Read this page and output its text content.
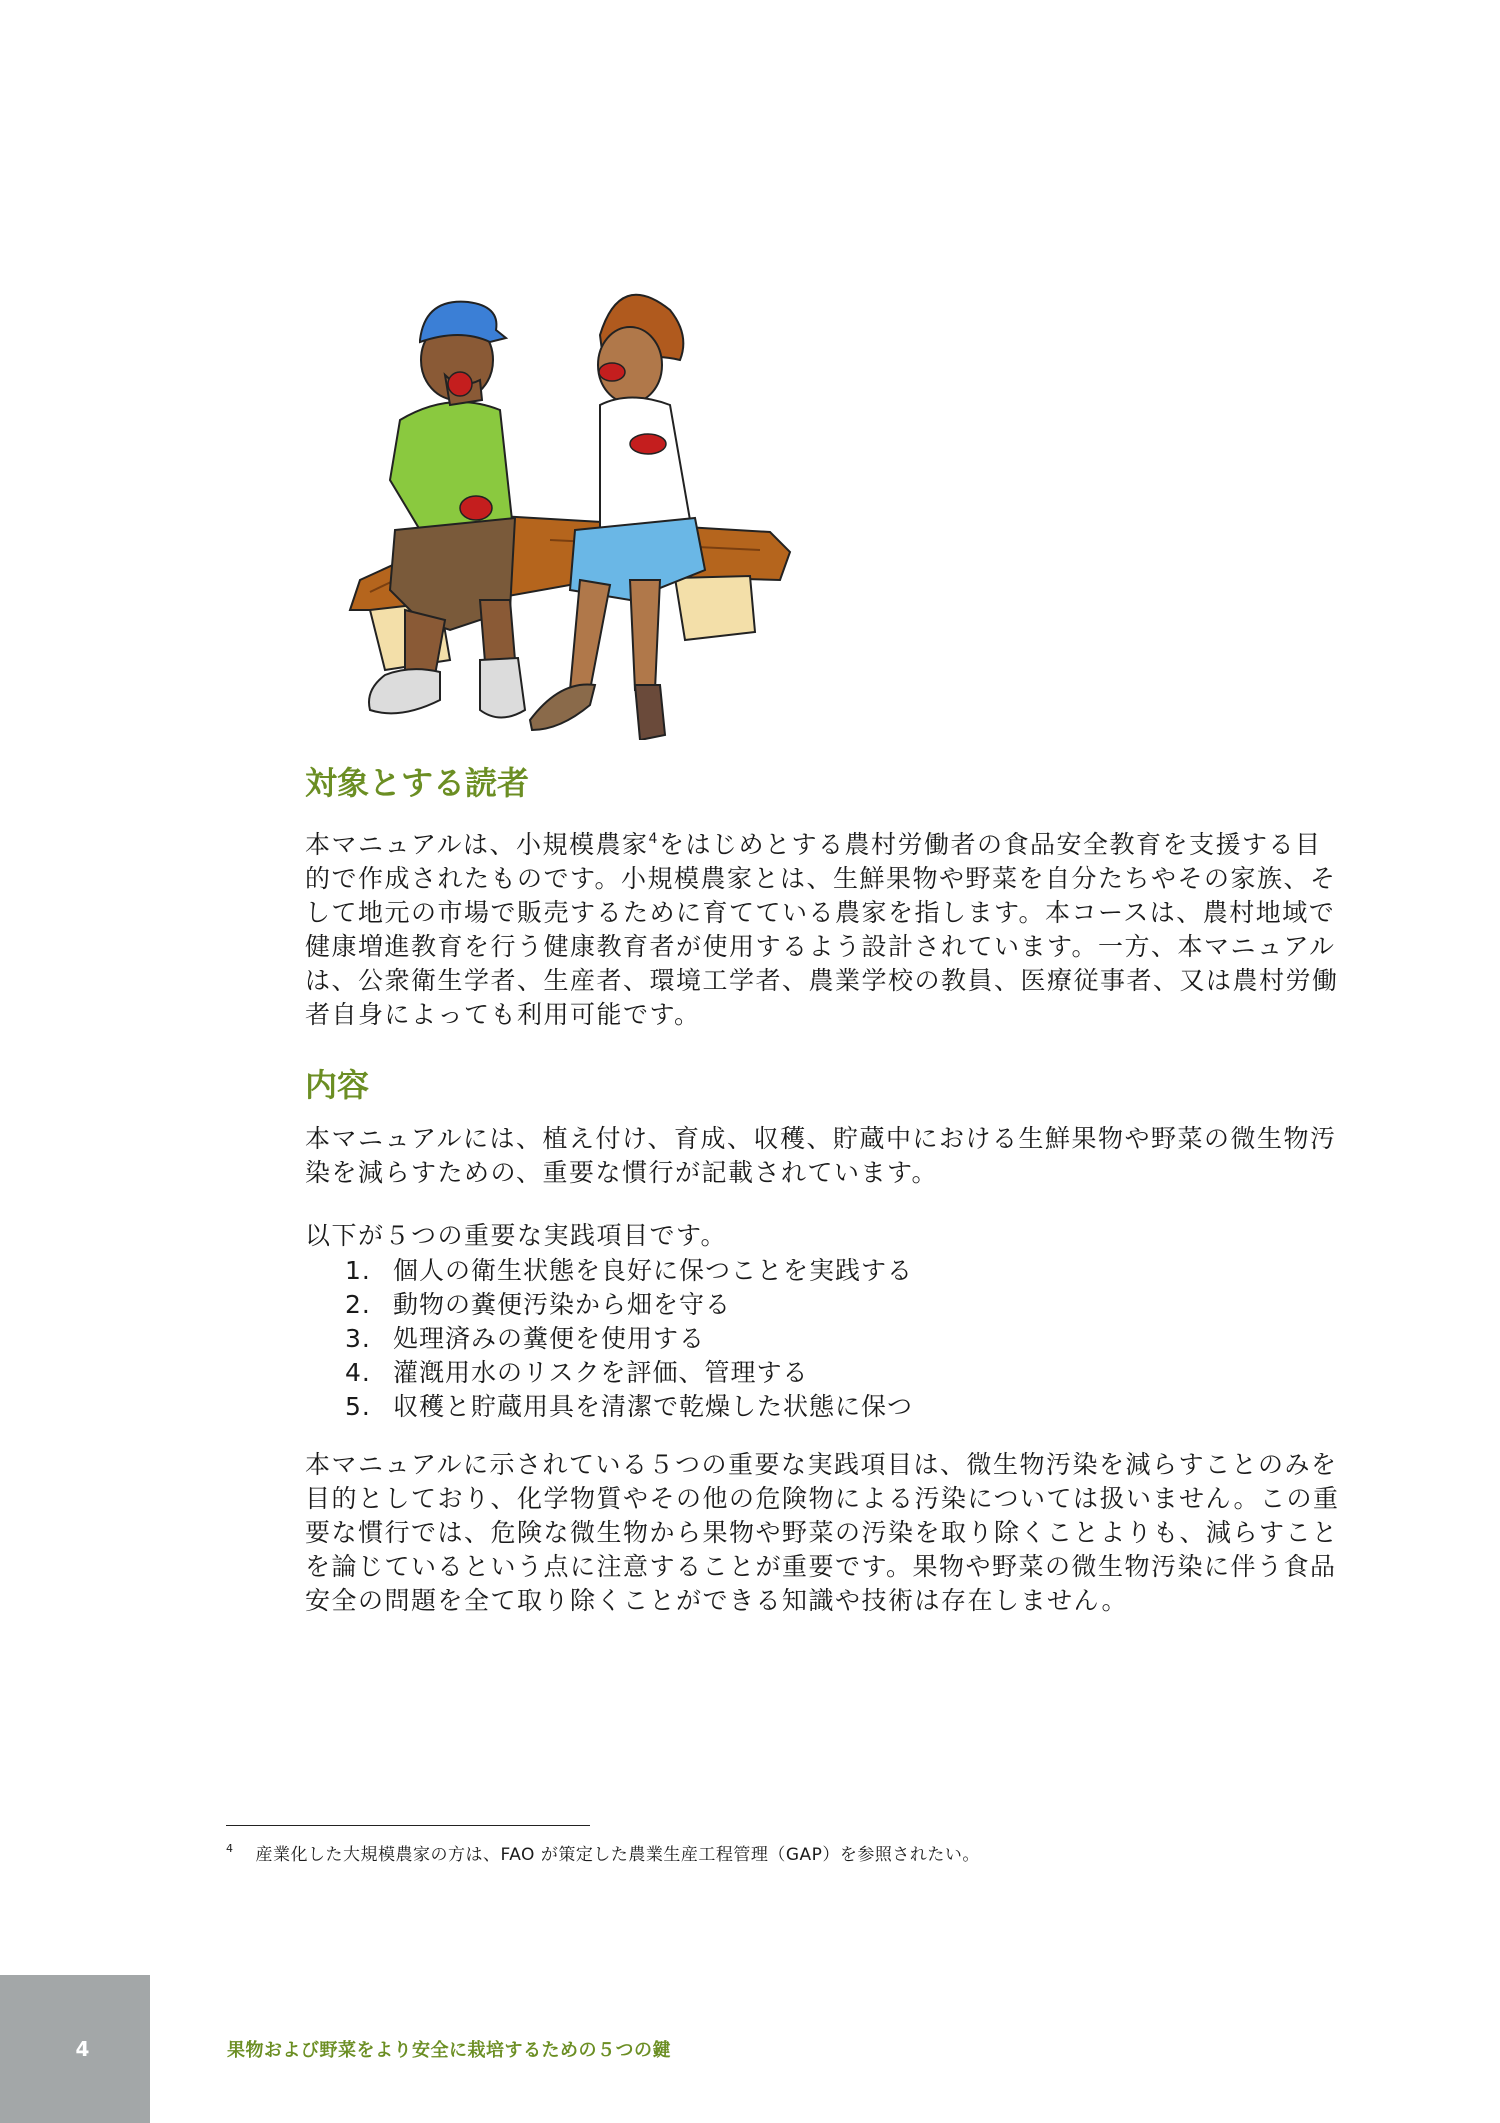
対象とする読者

本マニュアルは、小規模農家$^4$をはじめとする農村労働者の食品安全教育を支援する目的で作成されたものです。小規模農家とは、生鮮果物や野菜を自分たちやその家族、そして地元の市場で販売するために育てている農家を指します。本コースは、農村地域で健康増進教育を行う健康教育者が使用するよう設計されています。一方、本マニュアルは、公衆衛生学者、生産者、環境工学者、農業学校の教員、医療従事者、又は農村労働者自身によっても利用可能です。

内容

本マニュアルには、植え付け、育成、収穫、貯蔵中における生鮮果物や野菜の微生物汚染を減らすための、重要な慣行が記載されています。

以下が５つの重要な実践項目です。

1. 個人の衛生状態を良好に保つことを実践する
2. 動物の糞便汚染から畑を守る
3. 処理済みの糞便を使用する
4. 灌漑用水のリスクを評価、管理する
5. 収穫と貯蔵用具を清潔で乾燥した状態に保つ

本マニュアルに示されている５つの重要な実践項目は、微生物汚染を減らすことのみを目的としており、化学物質やその他の危険物による汚染については扱いません。この重要な慣行では、危険な微生物から果物や野菜の汚染を取り除くことよりも、減らすことを論じているという点に注意することが重要です。果物や野菜の微生物汚染に伴う食品安全の問題を全て取り除くことができる知識や技術は存在しません。

$^4$ 産業化した大規模農家の方は、FAO が策定した農業生産工程管理（GAP）を参照されたい。
4	果物および野菜をより安全に栽培するための５つの鍵
